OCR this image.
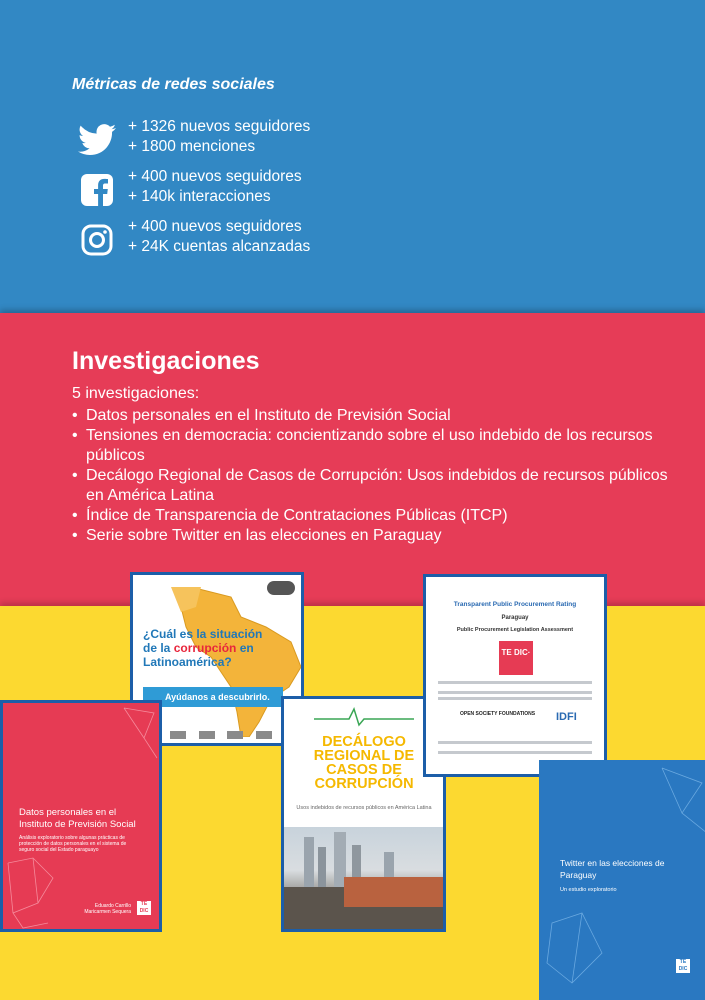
Métricas de redes sociales
+ 1326 nuevos seguidores
+ 1800 menciones
+ 400 nuevos seguidores
+ 140k interacciones
+ 400 nuevos seguidores
+ 24K cuentas alcanzadas
Investigaciones
5 investigaciones:
• Datos personales en el Instituto de Previsión Social
• Tensiones en democracia: concientizando sobre el uso indebido de los recursos públicos
• Decálogo Regional de Casos de Corrupción: Usos indebidos de recursos públicos en América Latina
• Índice de Transparencia de Contrataciones Públicas (ITCP)
• Serie sobre Twitter en las elecciones en Paraguay
¿Cuál es la situación
de la corrupción en
Latinoamérica?
Ayúdanos a descubrirlo.
Datos personales en el Instituto de Previsión Social
Análisis exploratorio sobre algunas prácticas de protección de datos personales en el sistema de seguro social del Estado paraguayo
Eduardo Carrillo Maricarmen Sequera
TE DIC
DECÁLOGO REGIONAL DE CASOS DE CORRUPCIÓN
Usos indebidos de recursos públicos en América Latina
Transparent Public Procurement Rating
Paraguay
Public Procurement Legislation Assessment
TE DIC·
OPEN SOCIETY FOUNDATIONS IDFI
Twitter en las elecciones de Paraguay
Un estudio exploratorio
TE DIC
